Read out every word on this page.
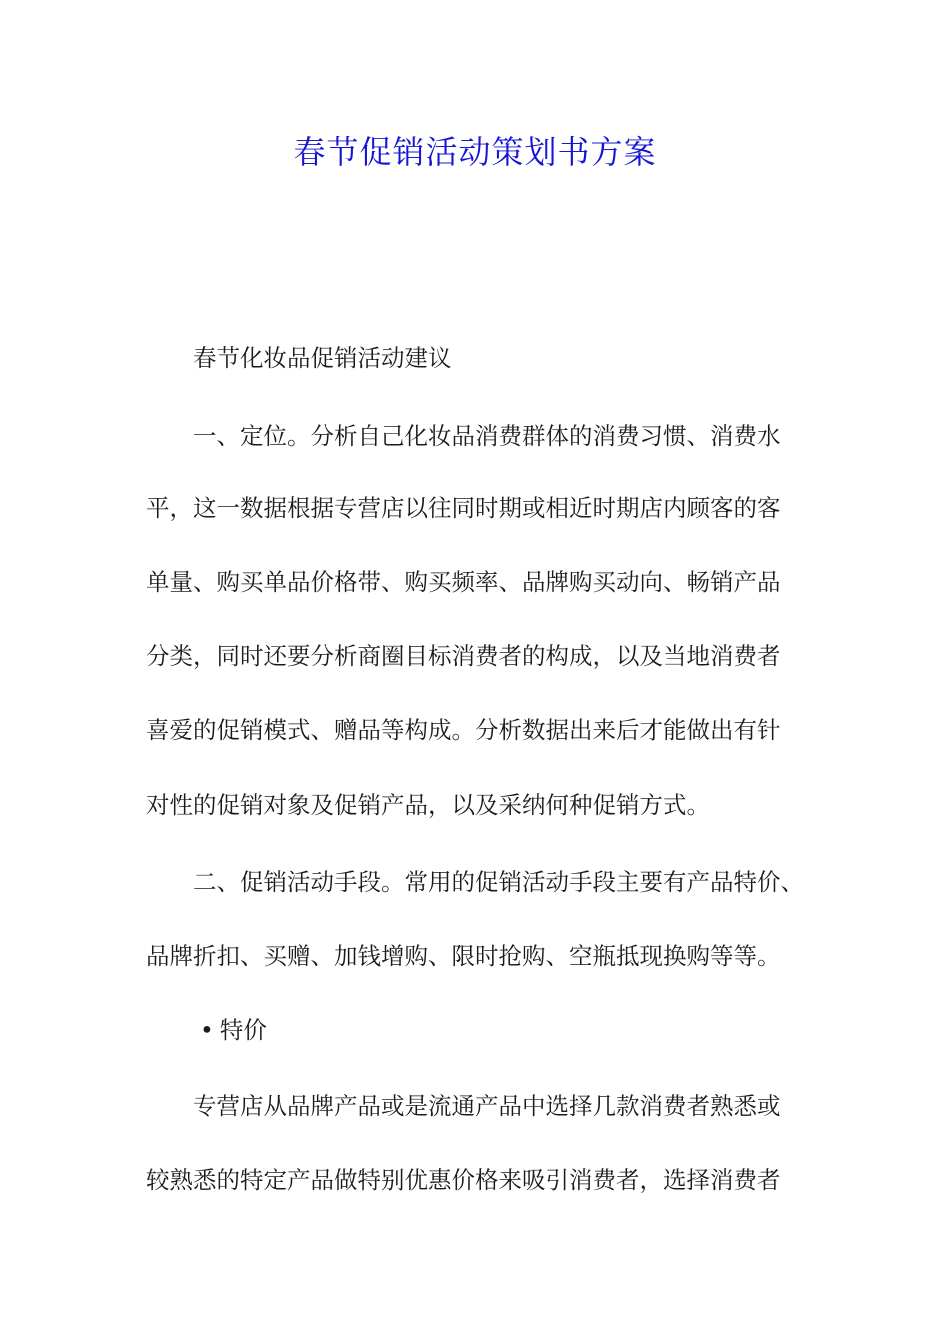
春节促销活动策划书方案

春节化妆品促销活动建议

一、定位。分析自己化妆品消费群体的消费习惯、消费水

平，这一数据根据专营店以往同时期或相近时期店内顾客的客

单量、购买单品价格带、购买频率、品牌购买动向、畅销产品

分类，同时还要分析商圈目标消费者的构成，以及当地消费者

喜爱的促销模式、赠品等构成。分析数据出来后才能做出有针

对性的促销对象及促销产品，以及采纳何种促销方式。

二、促销活动手段。常用的促销活动手段主要有产品特价、

品牌折扣、买赠、加钱增购、限时抢购、空瓶抵现换购等等。

• 特价

专营店从品牌产品或是流通产品中选择几款消费者熟悉或

较熟悉的特定产品做特别优惠价格来吸引消费者，选择消费者
